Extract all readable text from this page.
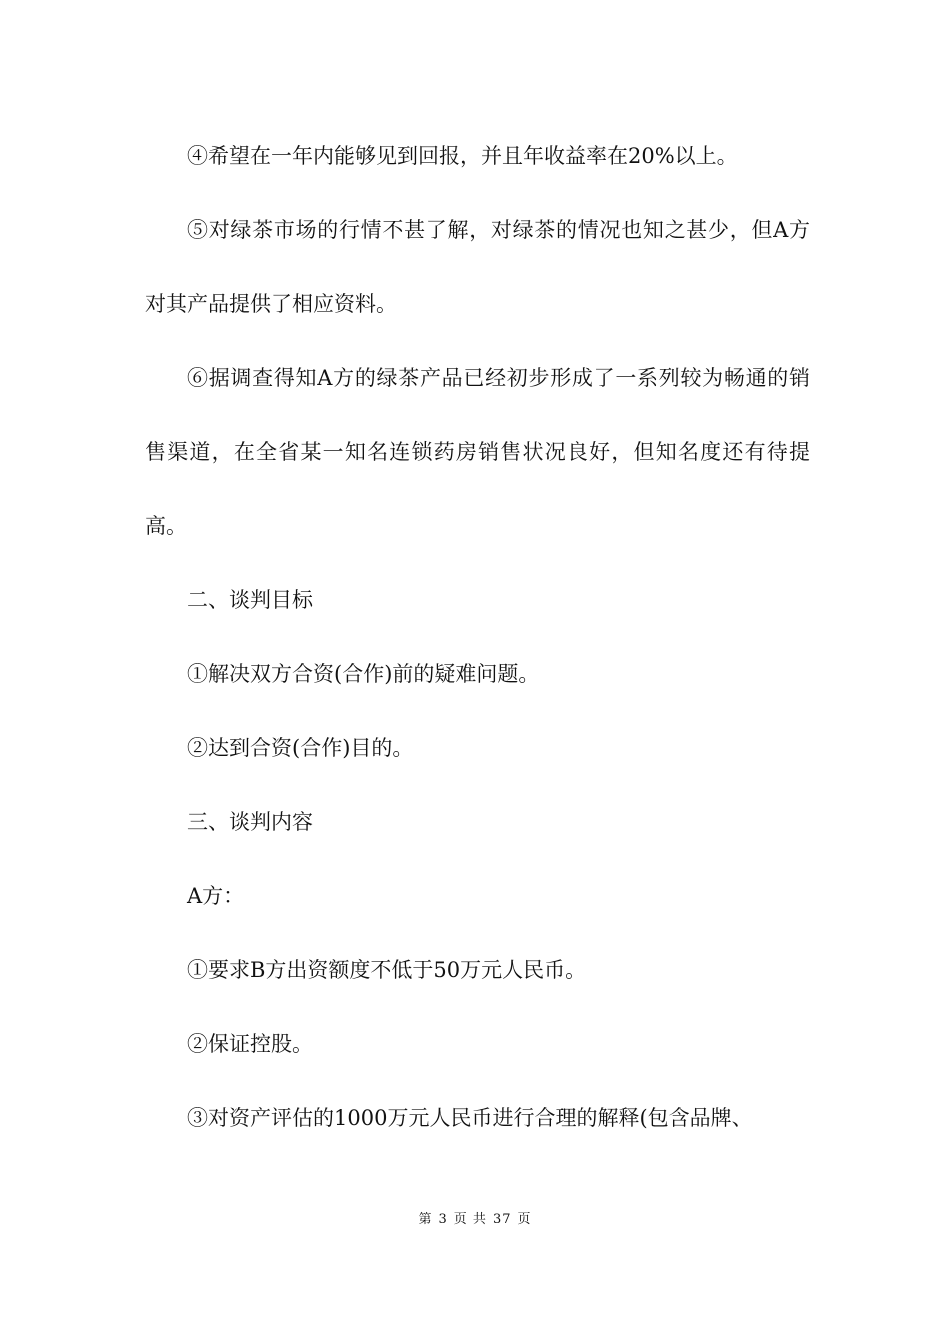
④希望在一年内能够见到回报，并且年收益率在20%以上。

⑤对绿茶市场的行情不甚了解，对绿茶的情况也知之甚少，但A方对其产品提供了相应资料。

⑥据调查得知A方的绿茶产品已经初步形成了一系列较为畅通的销售渠道，在全省某一知名连锁药房销售状况良好，但知名度还有待提高。

二、谈判目标

①解决双方合资(合作)前的疑难问题。

②达到合资(合作)目的。

三、谈判内容

A方：

①要求B方出资额度不低于50万元人民币。

②保证控股。

③对资产评估的1000万元人民币进行合理的解释(包含品牌、

第 3 页 共 37 页
